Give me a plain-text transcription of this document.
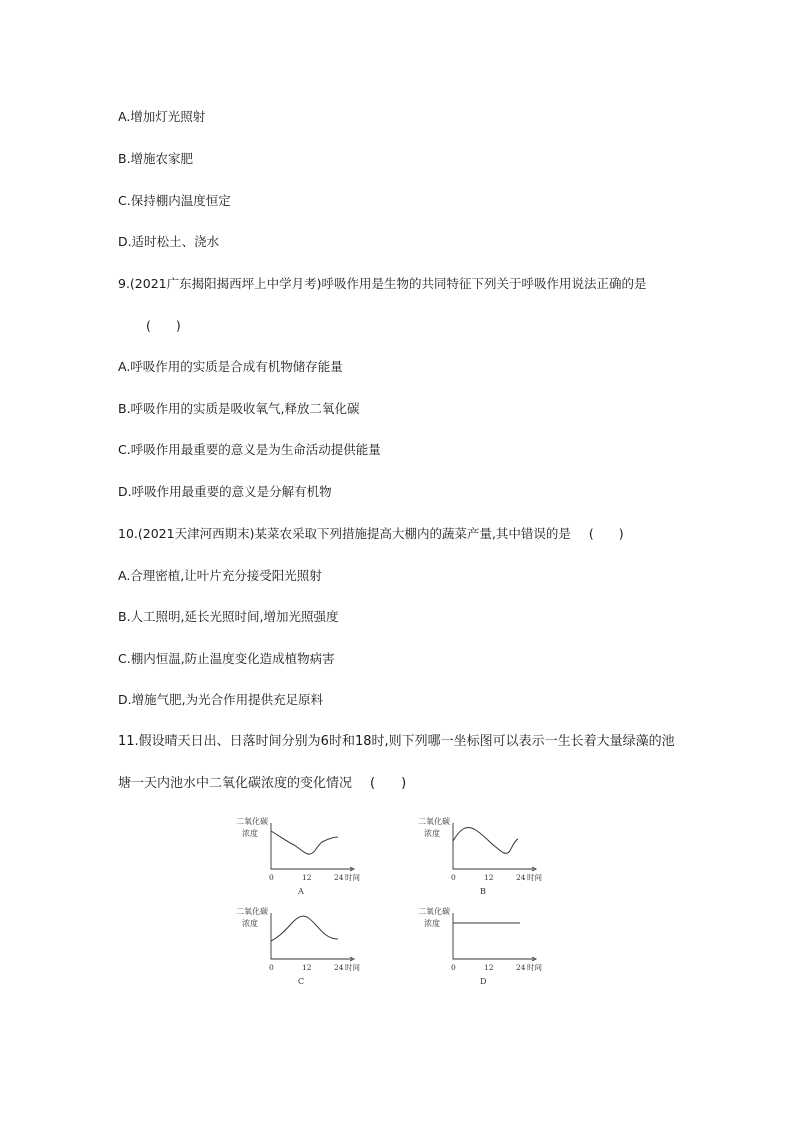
A.增加灯光照射
B.增施农家肥
C.保持棚内温度恒定
D.适时松土、浇水
9.(2021广东揭阳揭西坪上中学月考)呼吸作用是生物的共同特征下列关于呼吸作用说法正确的是
(　　)
A.呼吸作用的实质是合成有机物储存能量
B.呼吸作用的实质是吸收氧气,释放二氧化碳
C.呼吸作用最重要的意义是为生命活动提供能量
D.呼吸作用最重要的意义是分解有机物
10.(2021天津河西期末)某菜农采取下列措施提高大棚内的蔬菜产量,其中错误的是 (　　)
A.合理密植,让叶片充分接受阳光照射
B.人工照明,延长光照时间,增加光照强度
C.棚内恒温,防止温度变化造成植物病害
D.增施气肥,为光合作用提供充足原料
11.假设晴天日出、日落时间分别为6时和18时,则下列哪一坐标图可以表示一生长着大量绿藻的池
塘一天内池水中二氧化碳浓度的变化情况 (　　)
二氧化碳
浓度
0	12	24 时间
A
二氧化碳
浓度
0	12	24 时间
B
二氧化碳
浓度
0	12	24 时间
C
二氧化碳
浓度
0	12	24 时间
D
